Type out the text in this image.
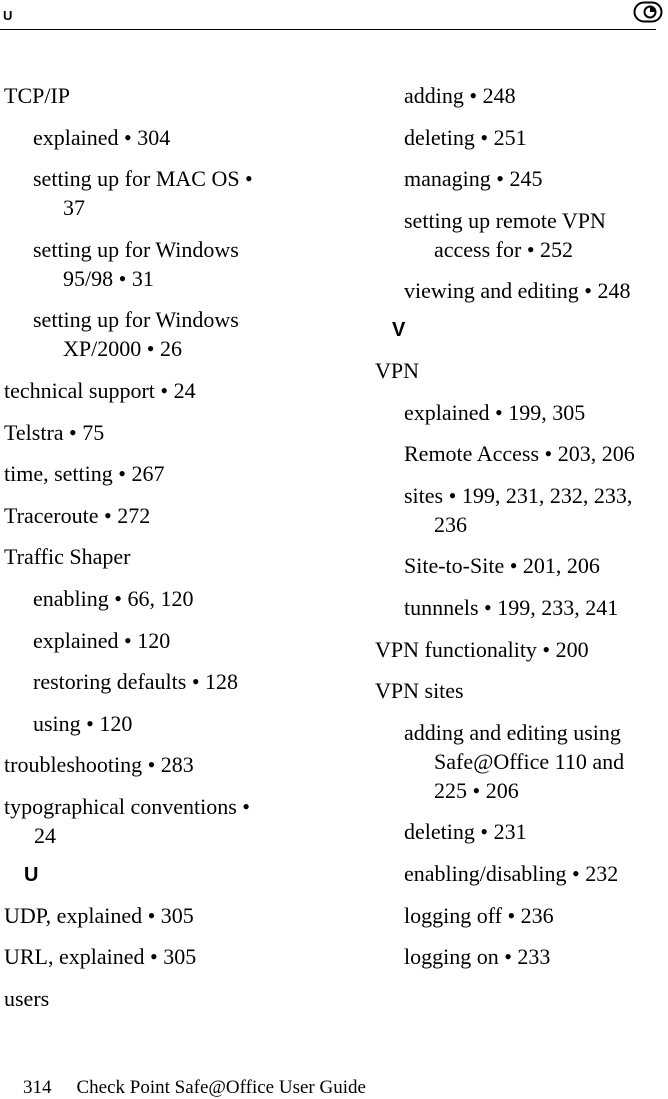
U
TCP/IP
explained • 304
setting up for MAC OS • 37
setting up for Windows 95/98 • 31
setting up for Windows XP/2000 • 26
technical support • 24
Telstra • 75
time, setting • 267
Traceroute • 272
Traffic Shaper
enabling • 66, 120
explained • 120
restoring defaults • 128
using • 120
troubleshooting • 283
typographical conventions • 24
U
UDP, explained • 305
URL, explained • 305
users
adding • 248
deleting • 251
managing • 245
setting up remote VPN access for • 252
viewing and editing • 248
V
VPN
explained • 199, 305
Remote Access • 203, 206
sites • 199, 231, 232, 233, 236
Site-to-Site • 201, 206
tunnnels • 199, 233, 241
VPN functionality • 200
VPN sites
adding and editing using Safe@Office 110 and 225 • 206
deleting • 231
enabling/disabling • 232
logging off • 236
logging on • 233
314 Check Point Safe@Office User Guide
